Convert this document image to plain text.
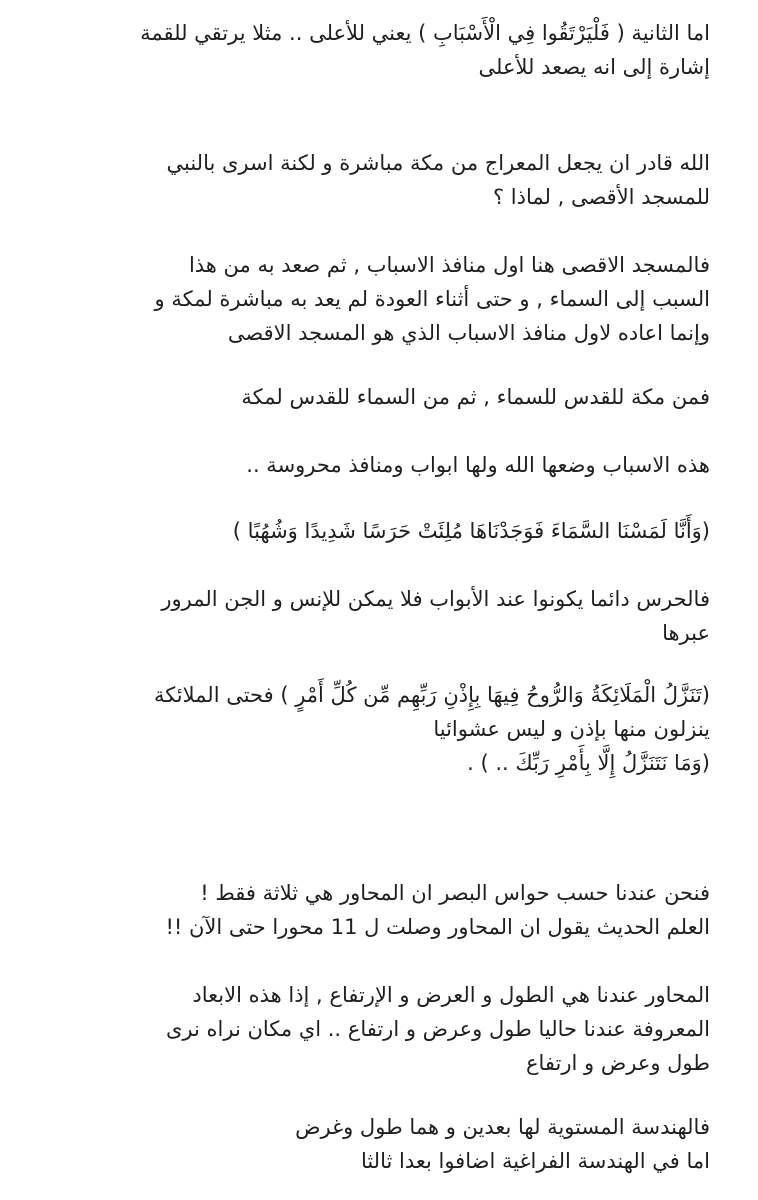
اما الثانية ( فَلْيَرْتَقُوا فِي الْأَسْبَابِ ) يعني للأعلى .. مثلا يرتقي للقمة
إشارة إلى انه يصعد للأعلى
الله قادر ان يجعل المعراج من مكة مباشرة و لكنة اسرى بالنبي
للمسجد الأقصى , لماذا ؟
فالمسجد الاقصى هنا اول منافذ الاسباب , ثم صعد به من هذا
السبب إلى السماء , و حتى أثناء العودة لم يعد به مباشرة لمكة و
وإنما اعاده لاول منافذ الاسباب الذي هو المسجد الاقصى
فمن مكة للقدس للسماء , ثم من السماء للقدس لمكة
هذه الاسباب وضعها الله ولها ابواب ومنافذ محروسة ..
(وَأَنَّا لَمَسْنَا السَّمَاءَ فَوَجَدْنَاهَا مُلِئَتْ حَرَسًا شَدِيدًا وَشُهُبًا )
فالحرس دائما يكونوا عند الأبواب فلا يمكن للإنس و الجن المرور
عبرها
(تَنَزَّلُ الْمَلَائِكَةُ وَالرُّوحُ فِيهَا بِإِذْنِ رَبِّهِم مِّن كُلِّ أَمْرٍ ) فحتى الملائكة
ينزلون منها بإذن و ليس عشوائيا
(وَمَا نَتَنَزَّلُ إِلَّا بِأَمْرِ رَبِّكَ .. ) .
فنحن عندنا حسب حواس البصر ان المحاور هي ثلاثة فقط !
العلم الحديث يقول ان المحاور وصلت ل 11 محورا حتى الآن !!
المحاور عندنا هي الطول و العرض و الإرتفاع , إذا هذه الابعاد
المعروفة عندنا حاليا طول وعرض و ارتفاع .. اي مكان نراه نرى
طول وعرض و ارتفاع
فالهندسة المستوية لها بعدين و هما طول وغرض
اما في الهندسة الفراغية اضافوا بعدا ثالثا
